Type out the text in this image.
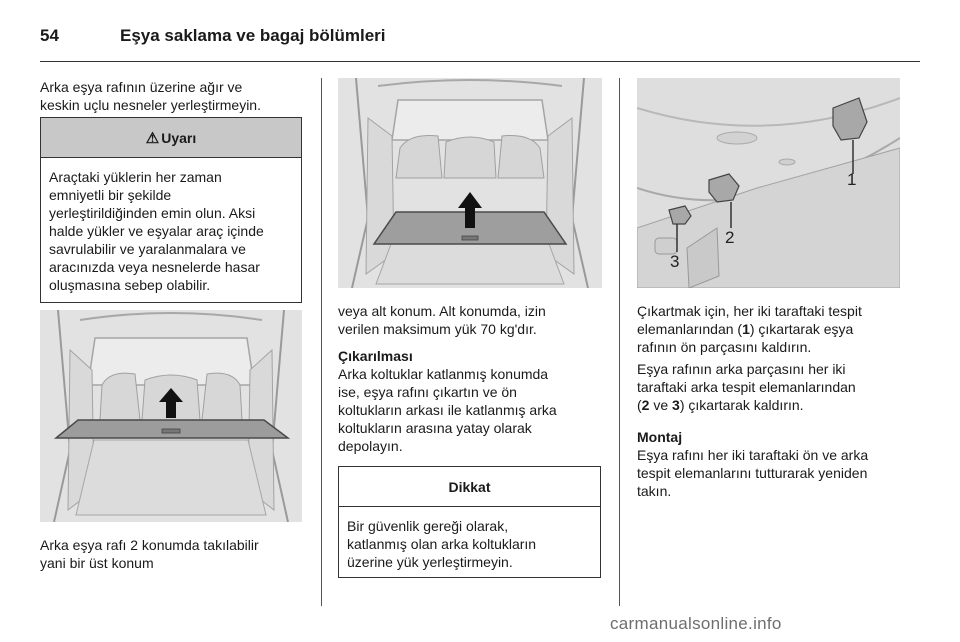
54	Eşya saklama ve bagaj bölümleri
Arka eşya rafının üzerine ağır ve
keskin uçlu nesneler yerleştirmeyin.
⚠ Uyarı
Araçtaki yüklerin her zaman
emniyetli bir şekilde
yerleştirildiğinden emin olun. Aksi
halde yükler ve eşyalar araç içinde
savrulabilir ve yaralanmalara ve
aracınızda veya nesnelerde hasar
oluşmasına sebep olabilir.
Arka eşya rafı 2 konumda takılabilir
yani bir üst konum
veya alt konum. Alt konumda, izin
verilen maksimum yük 70 kg'dır.
Çıkarılması
Arka koltuklar katlanmış konumda
ise, eşya rafını çıkartın ve ön
koltukların arkası ile katlanmış arka
koltukların arasına yatay olarak
depolayın.
Dikkat
Bir güvenlik gereği olarak,
katlanmış olan arka koltukların
üzerine yük yerleştirmeyin.
1
2
3
Çıkartmak için, her iki taraftaki tespit
elemanlarından (1) çıkartarak eşya
rafının ön parçasını kaldırın.
Eşya rafının arka parçasını her iki
taraftaki arka tespit elemanlarından
(2 ve 3) çıkartarak kaldırın.
Montaj
Eşya rafını her iki taraftaki ön ve arka
tespit elemanlarını tutturarak yeniden
takın.
carmanualsonline.info
